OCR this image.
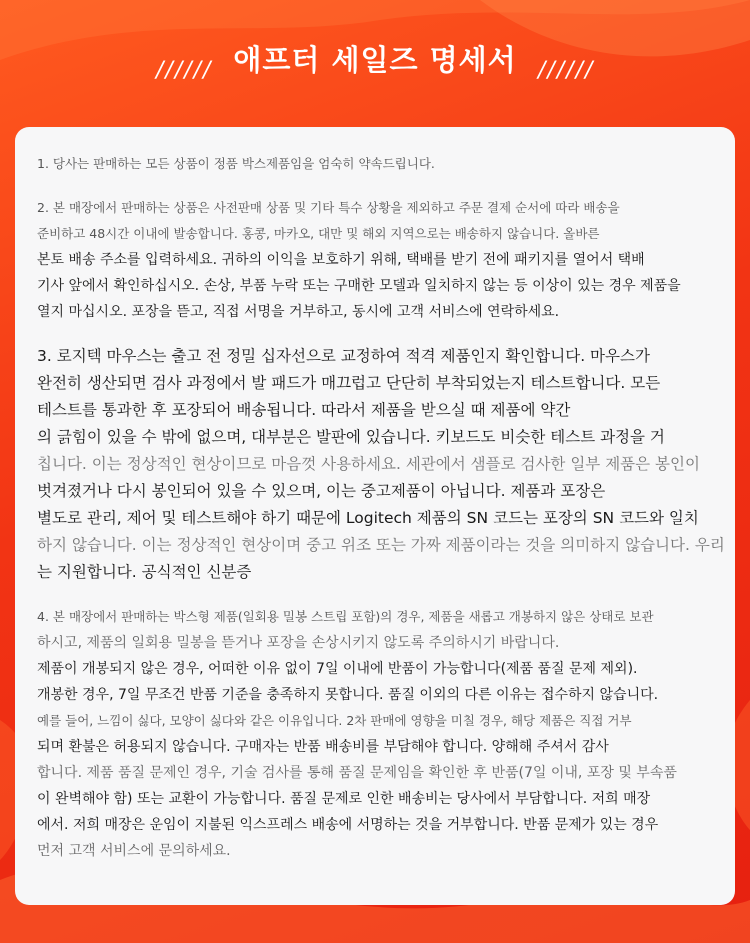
////// 애프터 세일즈 명세서 //////
1. 당사는 판매하는 모든 상품이 정품 박스제품임을 엄숙히 약속드립니다.
2. 본 매장에서 판매하는 상품은 사전판매 상품 및 기타 특수 상황을 제외하고 주문 결제 순서에 따라 배송을
준비하고 48시간 이내에 발송합니다. 홍콩, 마카오, 대만 및 해외 지역으로는 배송하지 않습니다. 올바른
본토 배송 주소를 입력하세요. 귀하의 이익을 보호하기 위해, 택배를 받기 전에 패키지를 열어서 택배
기사 앞에서 확인하십시오. 손상, 부품 누락 또는 구매한 모델과 일치하지 않는 등 이상이 있는 경우 제품을
열지 마십시오. 포장을 뜯고, 직접 서명을 거부하고, 동시에 고객 서비스에 연락하세요.
3. 로지텍 마우스는 출고 전 정밀 십자선으로 교정하여 적격 제품인지 확인합니다. 마우스가
완전히 생산되면 검사 과정에서 발 패드가 매끄럽고 단단히 부착되었는지 테스트합니다. 모든
테스트를 통과한 후 포장되어 배송됩니다. 따라서 제품을 받으실 때 제품에 약간
의 긁힘이 있을 수 밖에 없으며, 대부분은 발판에 있습니다. 키보드도 비슷한 테스트 과정을 거
칩니다. 이는 정상적인 현상이므로 마음껏 사용하세요. 세관에서 샘플로 검사한 일부 제품은 봉인이
벗겨졌거나 다시 봉인되어 있을 수 있으며, 이는 중고제품이 아닙니다. 제품과 포장은
별도로 관리, 제어 및 테스트해야 하기 때문에 Logitech 제품의 SN 코드는 포장의 SN 코드와 일치
하지 않습니다. 이는 정상적인 현상이며 중고 위조 또는 가짜 제품이라는 것을 의미하지 않습니다. 우리
는 지원합니다. 공식적인 신분증
4. 본 매장에서 판매하는 박스형 제품(일회용 밀봉 스트립 포함)의 경우, 제품을 새롭고 개봉하지 않은 상태로 보관
하시고, 제품의 일회용 밀봉을 뜯거나 포장을 손상시키지 않도록 주의하시기 바랍니다.
제품이 개봉되지 않은 경우, 어떠한 이유 없이 7일 이내에 반품이 가능합니다(제품 품질 문제 제외).
개봉한 경우, 7일 무조건 반품 기준을 충족하지 못합니다. 품질 이외의 다른 이유는 접수하지 않습니다.
예를 들어, 느낌이 싫다, 모양이 싫다와 같은 이유입니다. 2차 판매에 영향을 미칠 경우, 해당 제품은 직접 거부
되며 환불은 허용되지 않습니다. 구매자는 반품 배송비를 부담해야 합니다. 양해해 주셔서 감사
합니다. 제품 품질 문제인 경우, 기술 검사를 통해 품질 문제임을 확인한 후 반품(7일 이내, 포장 및 부속품
이 완벽해야 함) 또는 교환이 가능합니다. 품질 문제로 인한 배송비는 당사에서 부담합니다. 저희 매장
에서. 저희 매장은 운임이 지불된 익스프레스 배송에 서명하는 것을 거부합니다. 반품 문제가 있는 경우
먼저 고객 서비스에 문의하세요.
